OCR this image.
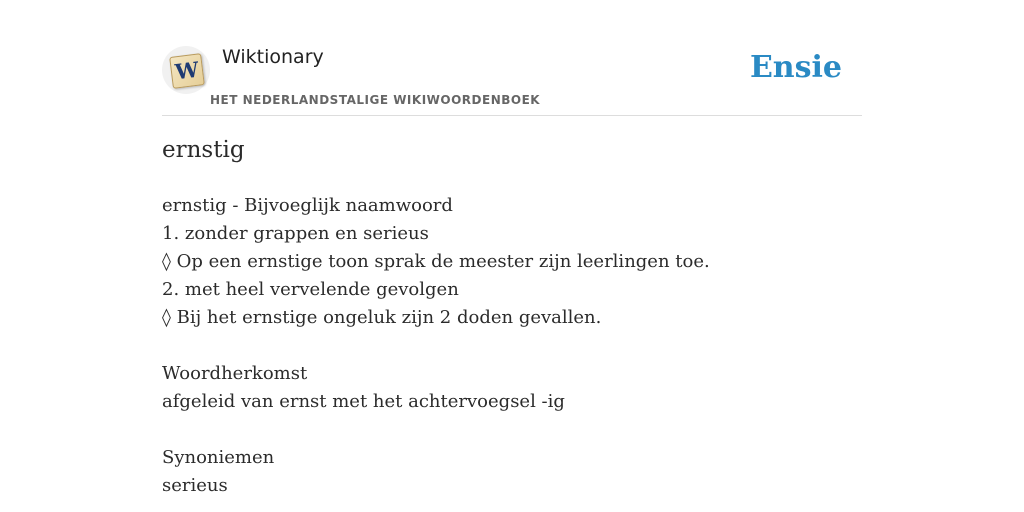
W Wiktionary
HET NEDERLANDSTALIGE WIKIWOORDENBOEK
Ensie
ernstig
ernstig - Bijvoeglijk naamwoord
1. zonder grappen en serieus
◊ Op een ernstige toon sprak de meester zijn leerlingen toe.
2. met heel vervelende gevolgen
◊ Bij het ernstige ongeluk zijn 2 doden gevallen.
Woordherkomst
afgeleid van ernst met het achtervoegsel -ig
Synoniemen
serieus
